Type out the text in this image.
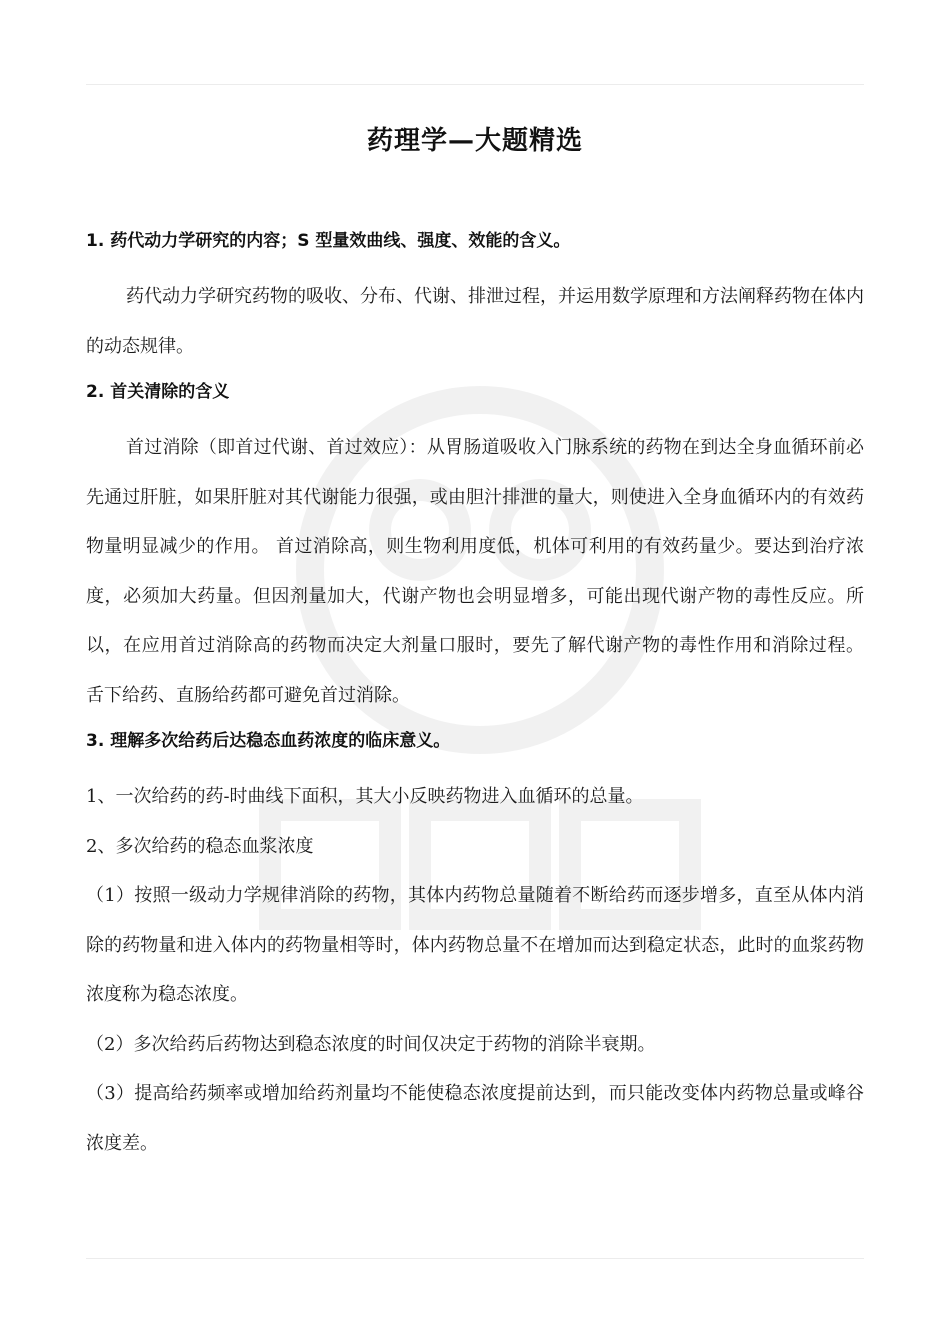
药理学—大题精选
1. 药代动力学研究的内容；S 型量效曲线、强度、效能的含义。

药代动力学研究药物的吸收、分布、代谢、排泄过程，并运用数学原理和方法阐释药物在体内的动态规律。

2. 首关清除的含义

首过消除（即首过代谢、首过效应）：从胃肠道吸收入门脉系统的药物在到达全身血循环前必先通过肝脏，如果肝脏对其代谢能力很强，或由胆汁排泄的量大，则使进入全身血循环内的有效药物量明显减少的作用。 首过消除高，则生物利用度低，机体可利用的有效药量少。要达到治疗浓度，必须加大药量。但因剂量加大，代谢产物也会明显增多，可能出现代谢产物的毒性反应。所以，在应用首过消除高的药物而决定大剂量口服时，要先了解代谢产物的毒性作用和消除过程。 舌下给药、直肠给药都可避免首过消除。

3. 理解多次给药后达稳态血药浓度的临床意义。

1、一次给药的药-时曲线下面积，其大小反映药物进入血循环的总量。

2、多次给药的稳态血浆浓度

（1）按照一级动力学规律消除的药物，其体内药物总量随着不断给药而逐步增多，直至从体内消除的药物量和进入体内的药物量相等时，体内药物总量不在增加而达到稳定状态，此时的血浆药物浓度称为稳态浓度。

（2）多次给药后药物达到稳态浓度的时间仅决定于药物的消除半衰期。

（3）提高给药频率或增加给药剂量均不能使稳态浓度提前达到，而只能改变体内药物总量或峰谷浓度差。
